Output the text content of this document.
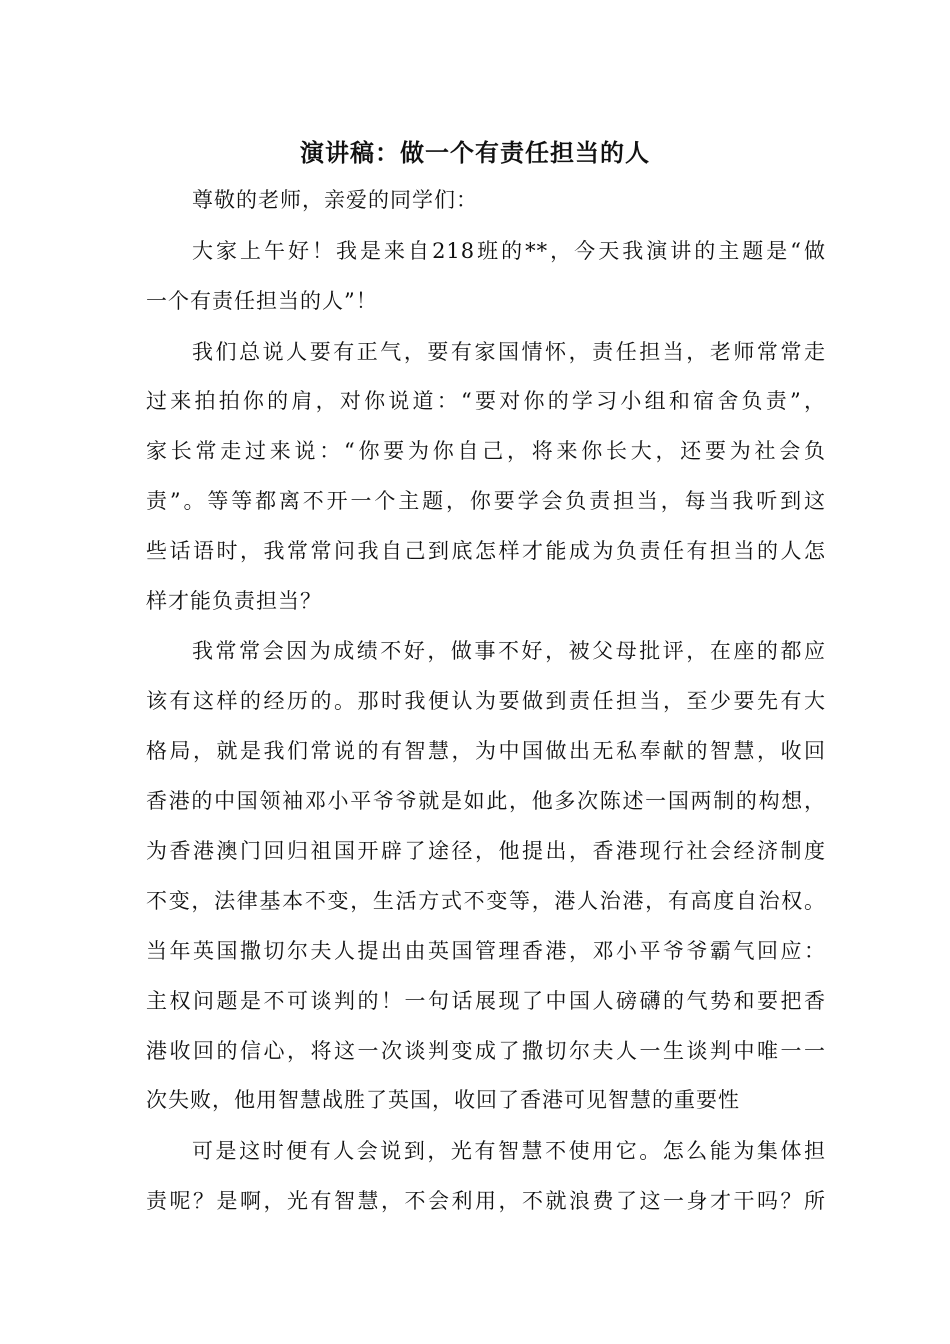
演讲稿：做一个有责任担当的人
尊敬的老师，亲爱的同学们：
大家上午好！我是来自218班的**，今天我演讲的主题是“做
一个有责任担当的人”！
我们总说人要有正气，要有家国情怀，责任担当，老师常常走
过来拍拍你的肩，对你说道：“要对你的学习小组和宿舍负责”，
家长常走过来说：“你要为你自己，将来你长大，还要为社会负
责”。等等都离不开一个主题，你要学会负责担当，每当我听到这
些话语时，我常常问我自己到底怎样才能成为负责任有担当的人怎
样才能负责担当？
我常常会因为成绩不好，做事不好，被父母批评，在座的都应
该有这样的经历的。那时我便认为要做到责任担当，至少要先有大
格局，就是我们常说的有智慧，为中国做出无私奉献的智慧，收回
香港的中国领袖邓小平爷爷就是如此，他多次陈述一国两制的构想，
为香港澳门回归祖国开辟了途径，他提出，香港现行社会经济制度
不变，法律基本不变，生活方式不变等，港人治港，有高度自治权。
当年英国撒切尔夫人提出由英国管理香港，邓小平爷爷霸气回应：
主权问题是不可谈判的！一句话展现了中国人磅礴的气势和要把香
港收回的信心，将这一次谈判变成了撒切尔夫人一生谈判中唯一一
次失败，他用智慧战胜了英国，收回了香港可见智慧的重要性
可是这时便有人会说到，光有智慧不使用它。怎么能为集体担
责呢？是啊，光有智慧，不会利用，不就浪费了这一身才干吗？所
